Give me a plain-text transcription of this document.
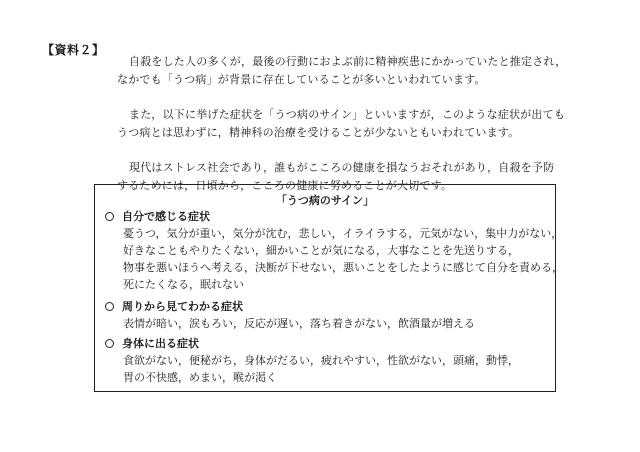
【資料２】
自殺をした人の多くが，最後の行動におよぶ前に精神疾患にかかっていたと推定され，
なかでも「うつ病」が背景に存在していることが多いといわれています。
また，以下に挙げた症状を「うつ病のサイン」といいますが，このような症状が出ても
うつ病とは思わずに，精神科の治療を受けることが少ないともいわれています。
現代はストレス社会であり，誰もがこころの健康を損なうおそれがあり，自殺を予防
するためには，日頃から，こころの健康に努めることが大切です。
「うつ病のサイン」
自分で感じる症状
憂うつ，気分が重い，気分が沈む，悲しい，イライラする，元気がない，集中力がない，
好きなこともやりたくない，細かいことが気になる，大事なことを先送りする，
物事を悪いほうへ考える，決断が下せない，悪いことをしたように感じて自分を責める，
死にたくなる，眠れない
周りから見てわかる症状
表情が暗い，涙もろい，反応が遅い，落ち着きがない，飲酒量が増える
身体に出る症状
食欲がない，便秘がち，身体がだるい，疲れやすい，性欲がない，頭痛，動悸，
胃の不快感，めまい，喉が渇く
